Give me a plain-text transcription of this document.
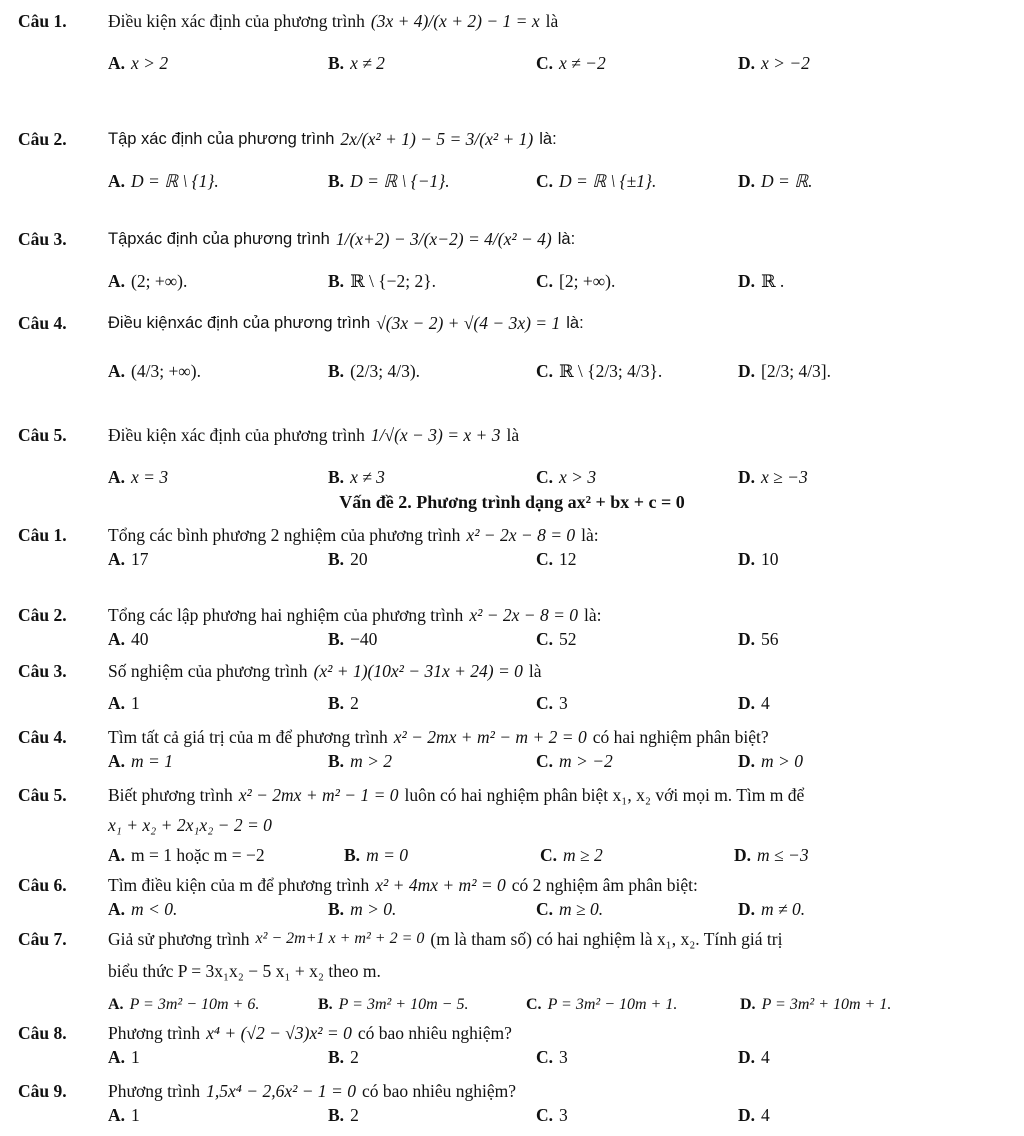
Câu 1.	Điều kiện xác định của phương trình (3x + 4)/(x + 2) − 1 = x là
A. x > 2	B. x ≠ 2	C. x ≠ −2	D. x > −2
Câu 2.	Tập xác định của phương trình 2x/(x² + 1) − 5 = 3/(x² + 1) là:
A. D = ℝ \ {1}.	B. D = ℝ \ {−1}.	C. D = ℝ \ {±1}.	D. D = ℝ.
Câu 3.	Tậpxác định của phương trình 1/(x+2) − 3/(x−2) = 4/(x² − 4) là:
A. (2; +∞).	B. ℝ \ {−2; 2}.	C. [2; +∞).	D. ℝ .
Câu 4.	Điều kiệnxác định của phương trình √(3x − 2) + √(4 − 3x) = 1 là:
A. (4/3; +∞).	B. (2/3; 4/3).	C. ℝ \ {2/3; 4/3}.	D. [2/3; 4/3].
Câu 5.	Điều kiện xác định của phương trình 1/√(x − 3) = x + 3 là
A. x = 3	B. x ≠ 3	C. x > 3	D. x ≥ −3
Vấn đề 2. Phương trình dạng ax² + bx + c = 0
Câu 1.	Tổng các bình phương 2 nghiệm của phương trình x² − 2x − 8 = 0 là:
A. 17	B. 20	C. 12	D. 10
Câu 2.	Tổng các lập phương hai nghiệm của phương trình x² − 2x − 8 = 0 là:
A. 40	B. −40	C. 52	D. 56
Câu 3.	Số nghiệm của phương trình (x² + 1)(10x² − 31x + 24) = 0 là
A. 1	B. 2	C. 3	D. 4
Câu 4.	Tìm tất cả giá trị của m để phương trình x² − 2mx + m² − m + 2 = 0 có hai nghiệm phân biệt?
A. m = 1	B. m > 2	C. m > −2	D. m > 0
Câu 5.	Biết phương trình x² − 2mx + m² − 1 = 0 luôn có hai nghiệm phân biệt x₁, x₂ với mọi m. Tìm m để
x₁ + x₂ + 2x₁x₂ − 2 = 0
A. m = 1 hoặc m = −2	B. m = 0	C. m ≥ 2	D. m ≤ −3
Câu 6.	Tìm điều kiện của m để phương trình x² + 4mx + m² = 0 có 2 nghiệm âm phân biệt:
A. m < 0.	B. m > 0.	C. m ≥ 0.	D. m ≠ 0.
Câu 7.	Giả sử phương trình x² − 2m+1 x + m² + 2 = 0 (m là tham số) có hai nghiệm là x₁, x₂. Tính giá trị
biểu thức P = 3x₁x₂ − 5 x₁ + x₂ theo m.
A. P = 3m² − 10m + 6.	B. P = 3m² + 10m − 5.	C. P = 3m² − 10m + 1.	D. P = 3m² + 10m + 1.
Câu 8.	Phương trình x⁴ + (√2 − √3)x² = 0 có bao nhiêu nghiệm?
A. 1	B. 2	C. 3	D. 4
Câu 9.	Phương trình 1,5x⁴ − 2,6x² − 1 = 0 có bao nhiêu nghiệm?
A. 1	B. 2	C. 3	D. 4
